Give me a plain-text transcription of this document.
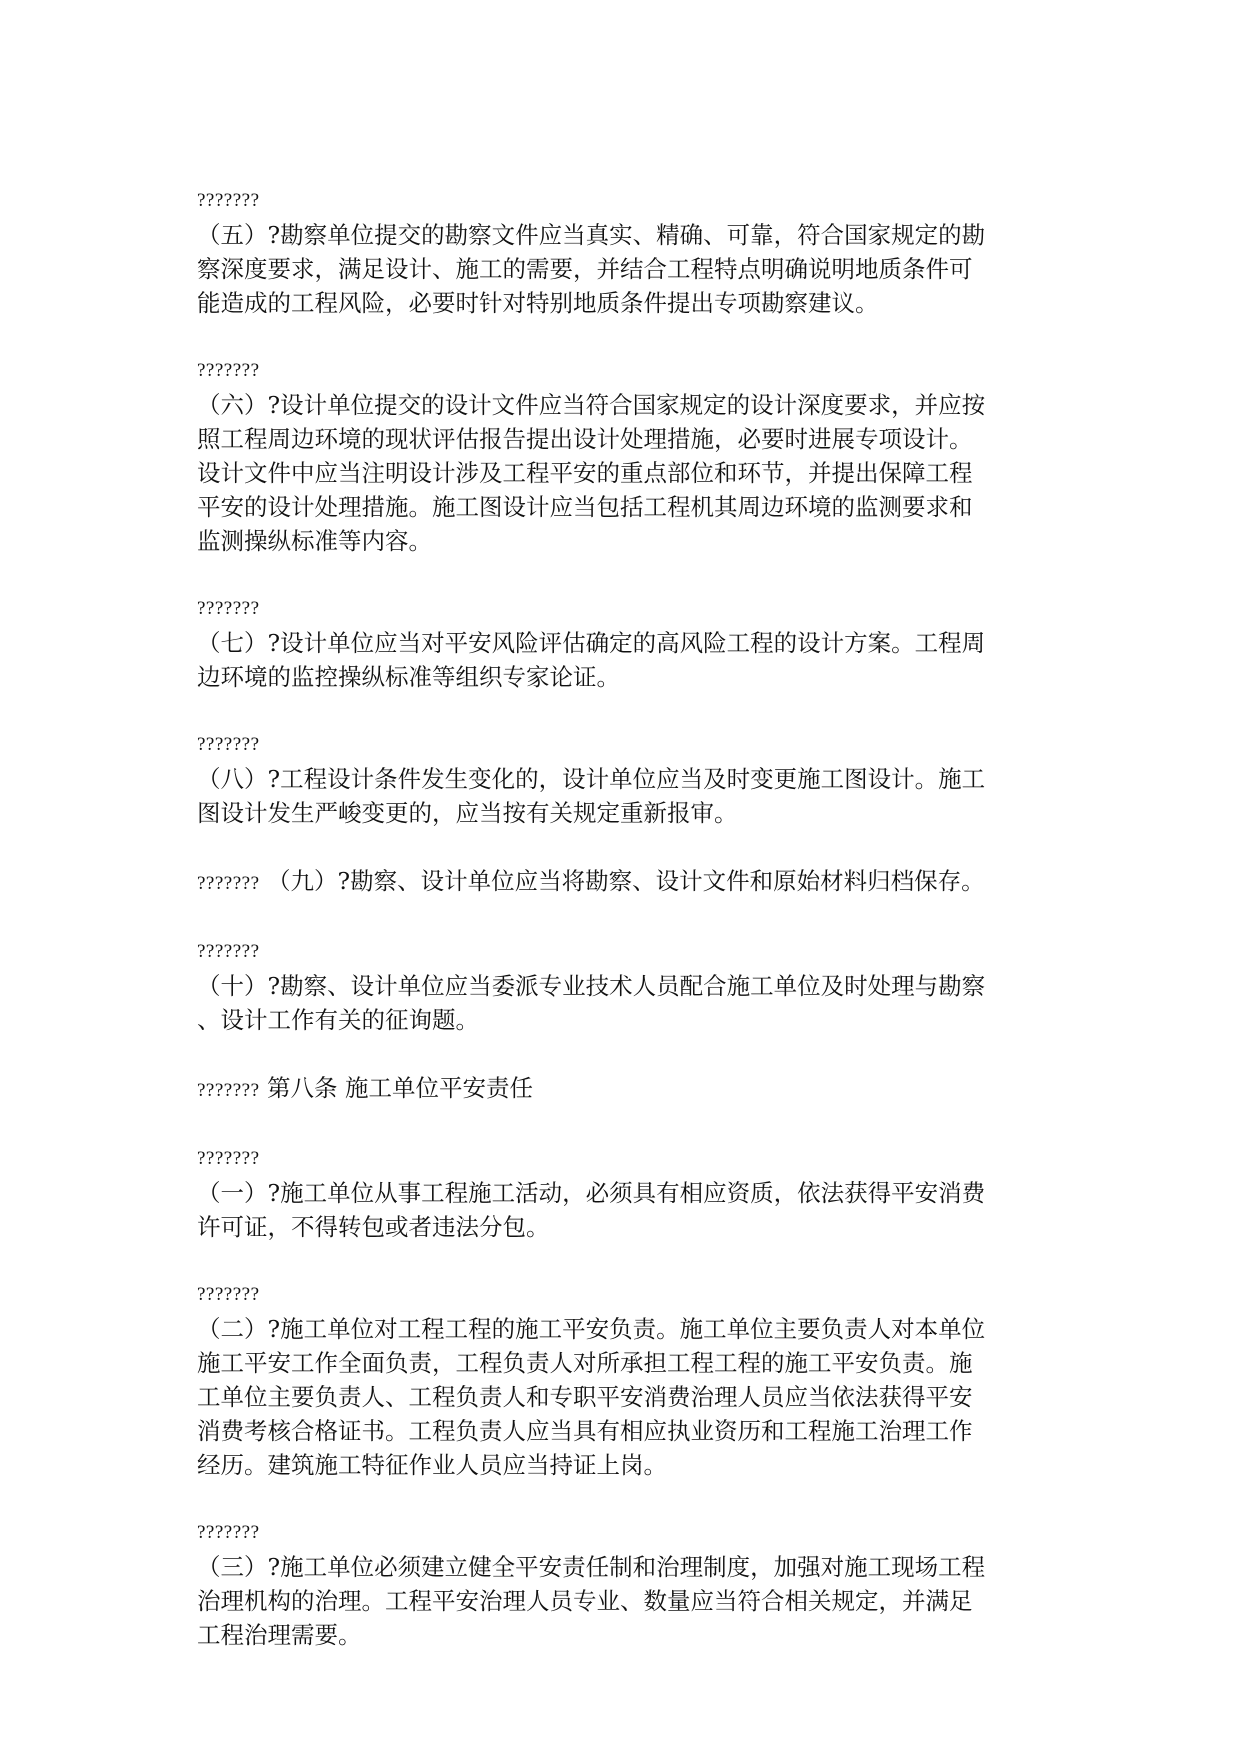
???????
（五）?勘察单位提交的勘察文件应当真实、精确、可靠，符合国家规定的勘
察深度要求，满足设计、施工的需要，并结合工程特点明确说明地质条件可
能造成的工程风险，必要时针对特别地质条件提出专项勘察建议。
???????
（六）?设计单位提交的设计文件应当符合国家规定的设计深度要求，并应按
照工程周边环境的现状评估报告提出设计处理措施，必要时进展专项设计。
设计文件中应当注明设计涉及工程平安的重点部位和环节，并提出保障工程
平安的设计处理措施。施工图设计应当包括工程机其周边环境的监测要求和
监测操纵标准等内容。
???????
（七）?设计单位应当对平安风险评估确定的高风险工程的设计方案。工程周
边环境的监控操纵标准等组织专家论证。
???????
（八）?工程设计条件发生变化的，设计单位应当及时变更施工图设计。施工
图设计发生严峻变更的，应当按有关规定重新报审。
??????? （九）?勘察、设计单位应当将勘察、设计文件和原始材料归档保存。
???????
（十）?勘察、设计单位应当委派专业技术人员配合施工单位及时处理与勘察
、设计工作有关的征询题。
??????? 第八条 施工单位平安责任
???????
（一）?施工单位从事工程施工活动，必须具有相应资质，依法获得平安消费
许可证，不得转包或者违法分包。
???????
（二）?施工单位对工程工程的施工平安负责。施工单位主要负责人对本单位
施工平安工作全面负责，工程负责人对所承担工程工程的施工平安负责。施
工单位主要负责人、工程负责人和专职平安消费治理人员应当依法获得平安
消费考核合格证书。工程负责人应当具有相应执业资历和工程施工治理工作
经历。建筑施工特征作业人员应当持证上岗。
???????
（三）?施工单位必须建立健全平安责任制和治理制度，加强对施工现场工程
治理机构的治理。工程平安治理人员专业、数量应当符合相关规定，并满足
工程治理需要。
